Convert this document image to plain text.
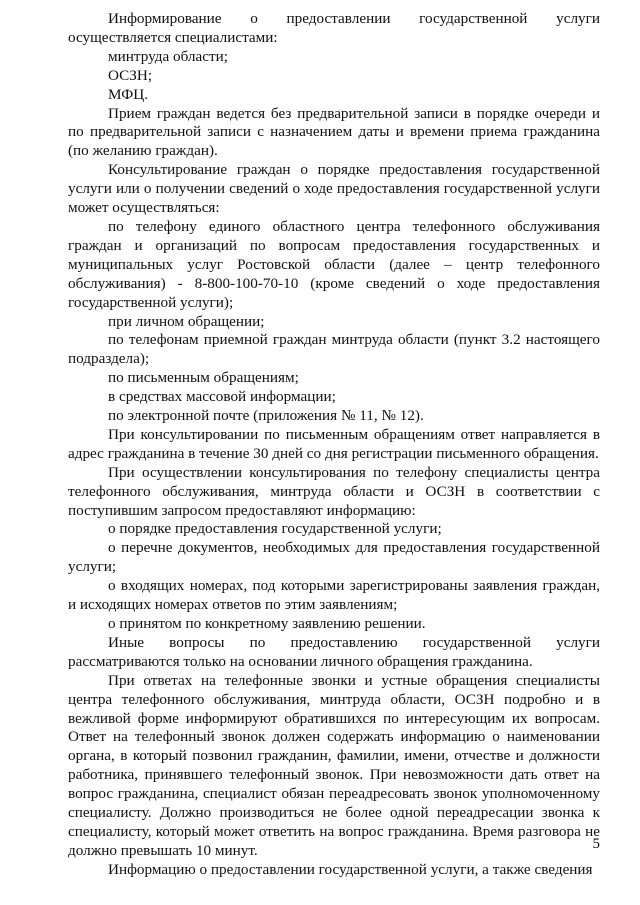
Информирование о предоставлении государственной услуги осуществляется специалистами:

минтруда области;

ОСЗН;

МФЦ.

Прием граждан ведется без предварительной записи в порядке очереди и по предварительной записи с назначением даты и времени приема гражданина (по желанию граждан).

Консультирование граждан о порядке предоставления государственной услуги или о получении сведений о ходе предоставления государственной услуги может осуществляться:

по телефону единого областного центра телефонного обслуживания граждан и организаций по вопросам предоставления государственных и муниципальных услуг Ростовской области (далее – центр телефонного обслуживания) - 8-800-100-70-10 (кроме сведений о ходе предоставления государственной услуги);

при личном обращении;

по телефонам приемной граждан минтруда области (пункт 3.2 настоящего подраздела);

по письменным обращениям;

в средствах массовой информации;

по электронной почте (приложения № 11, № 12).

При консультировании по письменным обращениям ответ направляется в адрес гражданина в течение 30 дней со дня регистрации письменного обращения.

При осуществлении консультирования по телефону специалисты центра телефонного обслуживания, минтруда области и ОСЗН в соответствии с поступившим запросом предоставляют информацию:

о порядке предоставления государственной услуги;

о перечне документов, необходимых для предоставления государственной услуги;

о входящих номерах, под которыми зарегистрированы заявления граждан, и исходящих номерах ответов по этим заявлениям;

о принятом по конкретному заявлению решении.

Иные вопросы по предоставлению государственной услуги рассматриваются только на основании личного обращения гражданина.

При ответах на телефонные звонки и устные обращения специалисты центра телефонного обслуживания, минтруда области, ОСЗН подробно и в вежливой форме информируют обратившихся по интересующим их вопросам. Ответ на телефонный звонок должен содержать информацию о наименовании органа, в который позвонил гражданин, фамилии, имени, отчестве и должности работника, принявшего телефонный звонок. При невозможности дать ответ на вопрос гражданина, специалист обязан переадресовать звонок уполномоченному специалисту. Должно производиться не более одной переадресации звонка к специалисту, который может ответить на вопрос гражданина. Время разговора не должно превышать 10 минут.

Информацию о предоставлении государственной услуги, а также сведения

5
